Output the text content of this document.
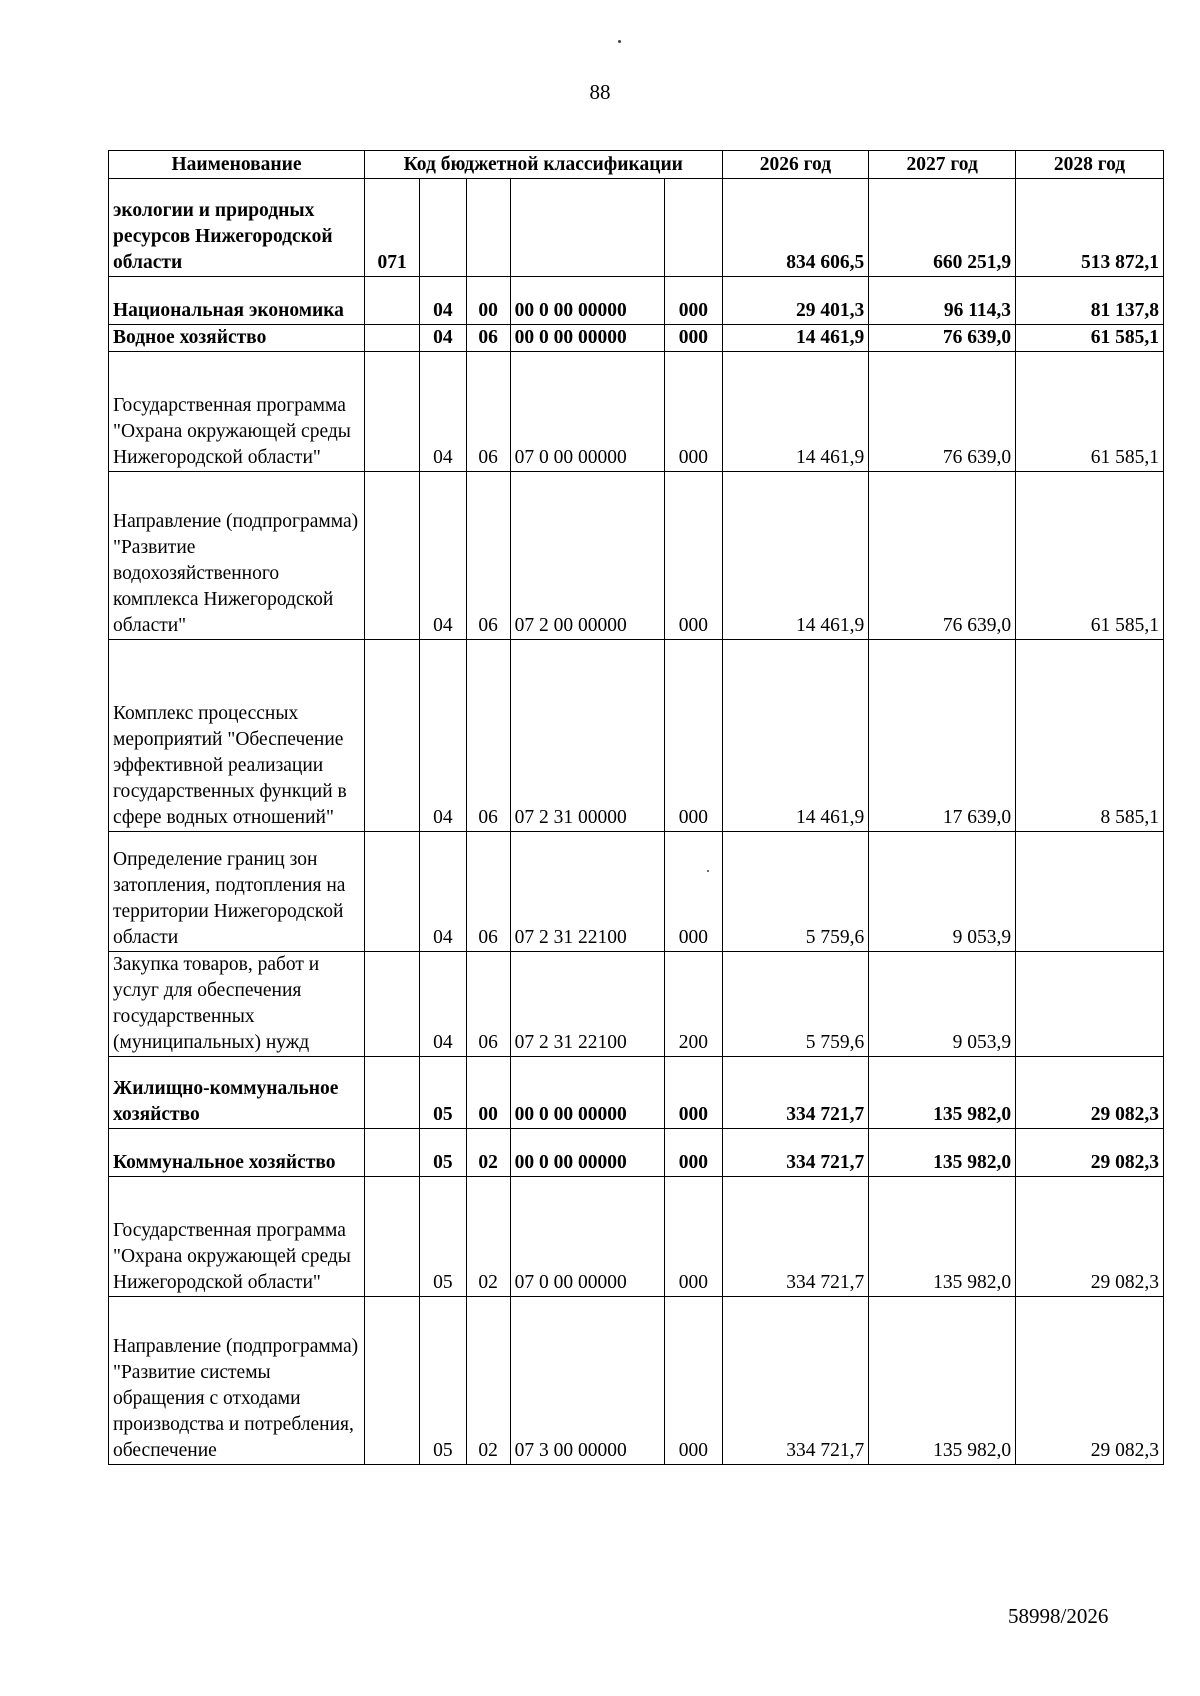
88
Наименование	Код бюджетной классификации					2026 год	2027 год	2028 год
экологии и природных ресурсов Нижегородской области	071					834 606,5	660 251,9	513 872,1
Национальная экономика		04	00	00 0 00 00000	000	29 401,3	96 114,3	81 137,8
Водное хозяйство		04	06	00 0 00 00000	000	14 461,9	76 639,0	61 585,1
Государственная программа "Охрана окружающей среды Нижегородской области"		04	06	07 0 00 00000	000	14 461,9	76 639,0	61 585,1
Направление (подпрограмма) "Развитие водохозяйственного комплекса Нижегородской области"		04	06	07 2 00 00000	000	14 461,9	76 639,0	61 585,1
Комплекс процессных мероприятий "Обеспечение эффективной реализации государственных функций в сфере водных отношений"		04	06	07 2 31 00000	000	14 461,9	17 639,0	8 585,1
Определение границ зон затопления, подтопления на территории Нижегородской области		04	06	07 2 31 22100	000	5 759,6	9 053,9	
Закупка товаров, работ и услуг для обеспечения государственных (муниципальных) нужд		04	06	07 2 31 22100	200	5 759,6	9 053,9	
Жилищно-коммунальное хозяйство		05	00	00 0 00 00000	000	334 721,7	135 982,0	29 082,3
Коммунальное хозяйство		05	02	00 0 00 00000	000	334 721,7	135 982,0	29 082,3
Государственная программа "Охрана окружающей среды Нижегородской области"		05	02	07 0 00 00000	000	334 721,7	135 982,0	29 082,3
Направление (подпрограмма) "Развитие системы обращения с отходами производства и потребления, обеспечение		05	02	07 3 00 00000	000	334 721,7	135 982,0	29 082,3
58998/2026
